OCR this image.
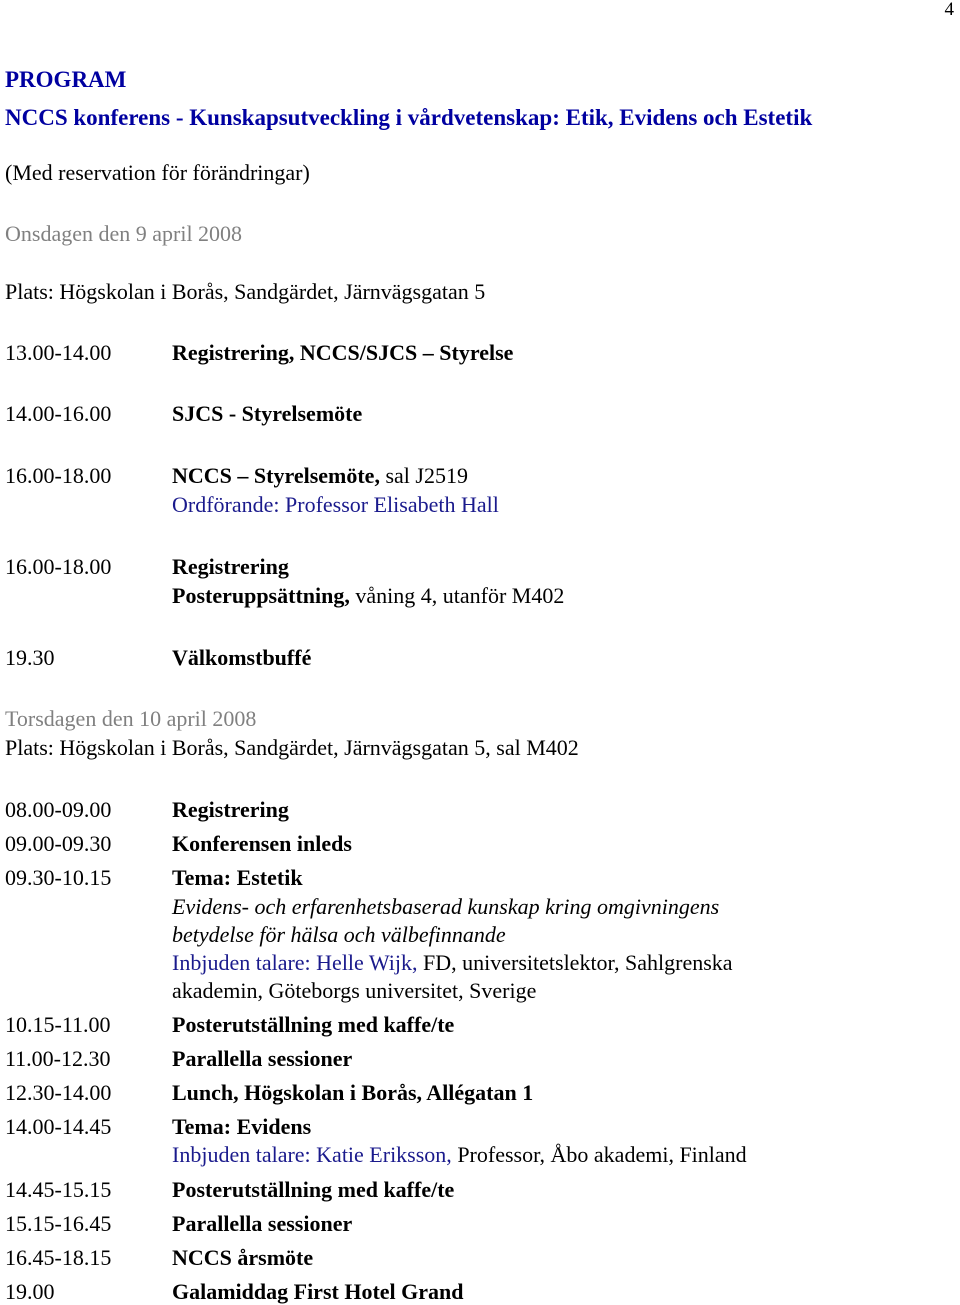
4
PROGRAM
NCCS konferens - Kunskapsutveckling i vårdvetenskap: Etik, Evidens och Estetik
(Med reservation för förändringar)
Onsdagen den 9 april 2008
Plats: Högskolan i Borås, Sandgärdet, Järnvägsgatan 5
13.00-14.00	Registrering, NCCS/SJCS – Styrelse
14.00-16.00	SJCS - Styrelsemöte
16.00-18.00	NCCS – Styrelsemöte, sal J2519
Ordförande: Professor Elisabeth Hall
16.00-18.00	Registrering
Posteruppsättning, våning 4, utanför M402
19.30	Välkomstbuffé
Torsdagen den 10 april 2008
Plats: Högskolan i Borås, Sandgärdet, Järnvägsgatan 5, sal M402
08.00-09.00	Registrering
09.00-09.30	Konferensen inleds
09.30-10.15	Tema: Estetik
Evidens- och erfarenhetsbaserad kunskap kring omgivningens
betydelse för hälsa och välbefinnande
Inbjuden talare: Helle Wijk, FD, universitetslektor, Sahlgrenska
akademin, Göteborgs universitet, Sverige
10.15-11.00	Posterutställning med kaffe/te
11.00-12.30	Parallella sessioner
12.30-14.00	Lunch, Högskolan i Borås, Allégatan 1
14.00-14.45	Tema: Evidens
Inbjuden talare: Katie Eriksson, Professor, Åbo akademi, Finland
14.45-15.15	Posterutställning med kaffe/te
15.15-16.45	Parallella sessioner
16.45-18.15	NCCS årsmöte
19.00	Galamiddag First Hotel Grand
